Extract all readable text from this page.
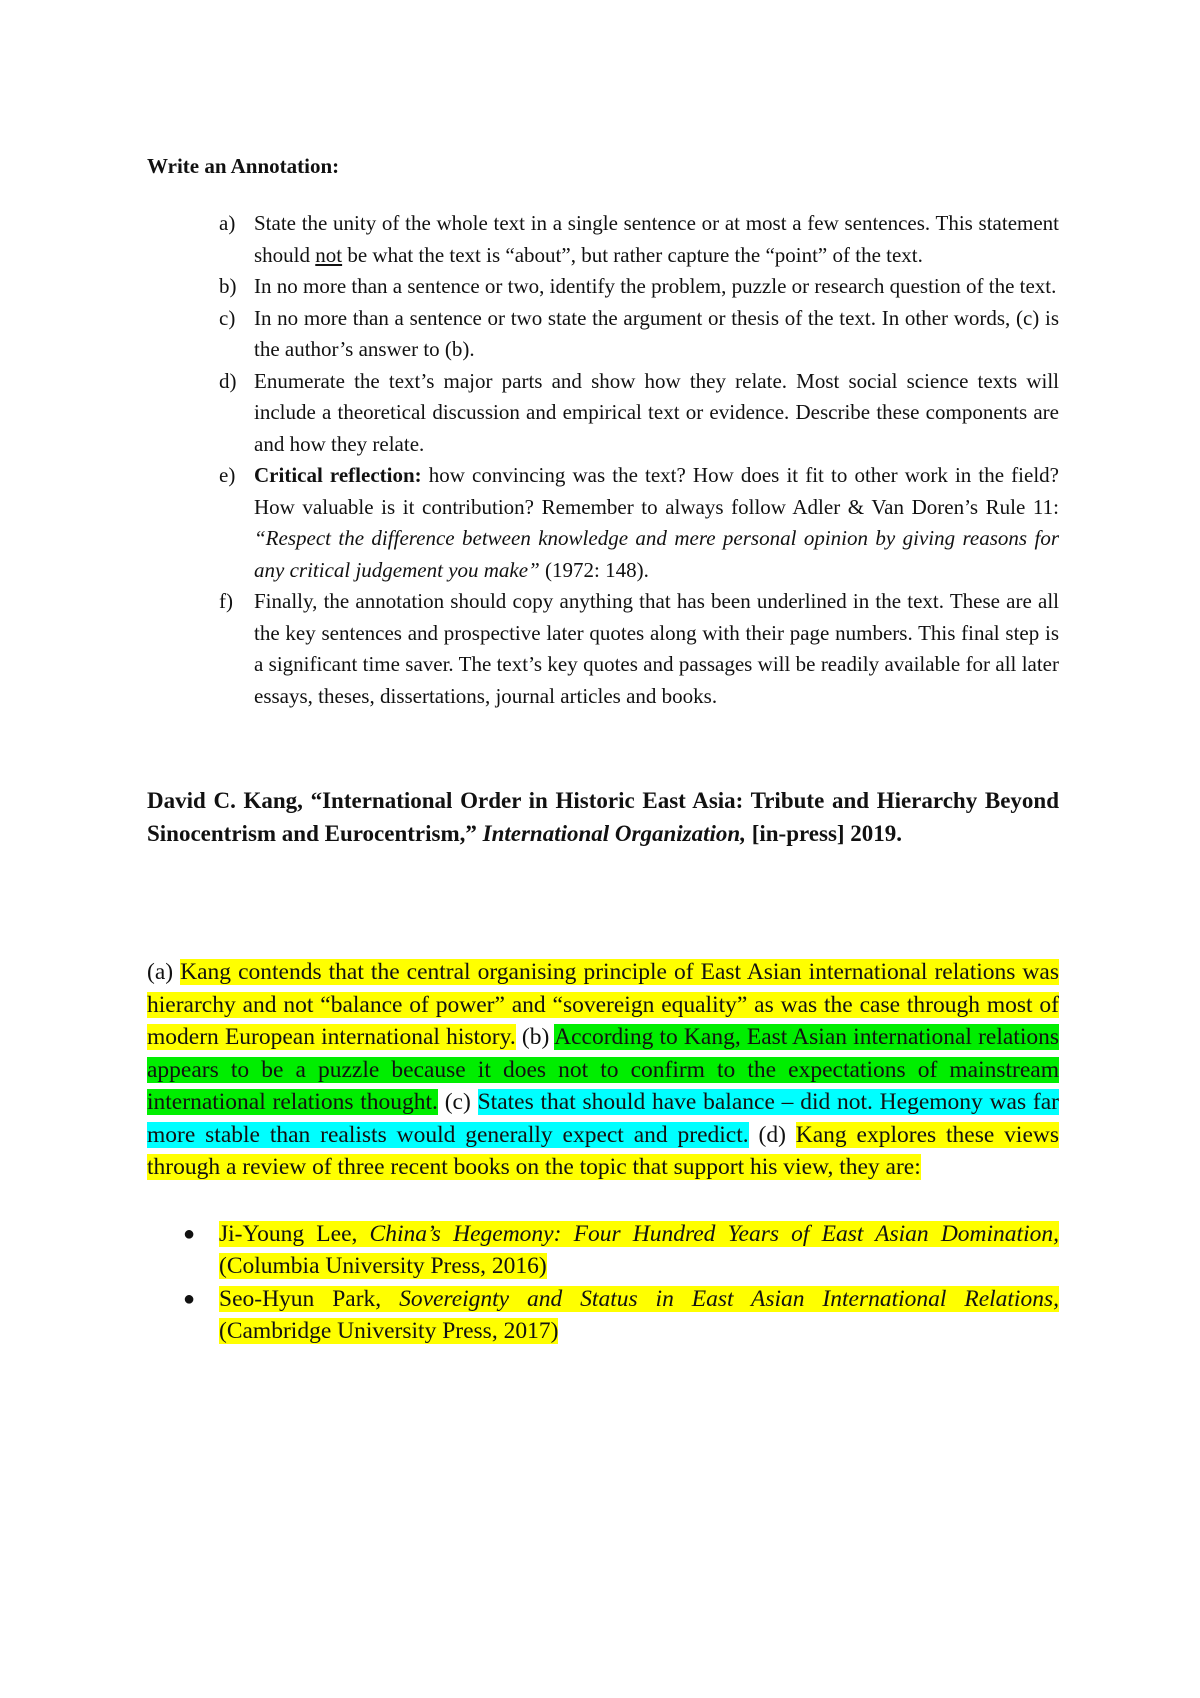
Write an Annotation:
a) State the unity of the whole text in a single sentence or at most a few sentences. This statement should not be what the text is “about”, but rather capture the “point” of the text.
b) In no more than a sentence or two, identify the problem, puzzle or research question of the text.
c) In no more than a sentence or two state the argument or thesis of the text. In other words, (c) is the author’s answer to (b).
d) Enumerate the text’s major parts and show how they relate. Most social science texts will include a theoretical discussion and empirical text or evidence. Describe these components are and how they relate.
e) Critical reflection: how convincing was the text? How does it fit to other work in the field? How valuable is it contribution? Remember to always follow Adler & Van Doren’s Rule 11: “Respect the difference between knowledge and mere personal opinion by giving reasons for any critical judgement you make” (1972: 148).
f) Finally, the annotation should copy anything that has been underlined in the text. These are all the key sentences and prospective later quotes along with their page numbers. This final step is a significant time saver. The text’s key quotes and passages will be readily available for all later essays, theses, dissertations, journal articles and books.
David C. Kang, “International Order in Historic East Asia: Tribute and Hierarchy Beyond Sinocentrism and Eurocentrism,” International Organization, [in-press] 2019.
(a) Kang contends that the central organising principle of East Asian international relations was hierarchy and not “balance of power” and “sovereign equality” as was the case through most of modern European international history. (b) According to Kang, East Asian international relations appears to be a puzzle because it does not to confirm to the expectations of mainstream international relations thought. (c) States that should have balance – did not. Hegemony was far more stable than realists would generally expect and predict. (d) Kang explores these views through a review of three recent books on the topic that support his view, they are:
● Ji-Young Lee, China’s Hegemony: Four Hundred Years of East Asian Domination, (Columbia University Press, 2016)
● Seo-Hyun Park, Sovereignty and Status in East Asian International Relations, (Cambridge University Press, 2017)
